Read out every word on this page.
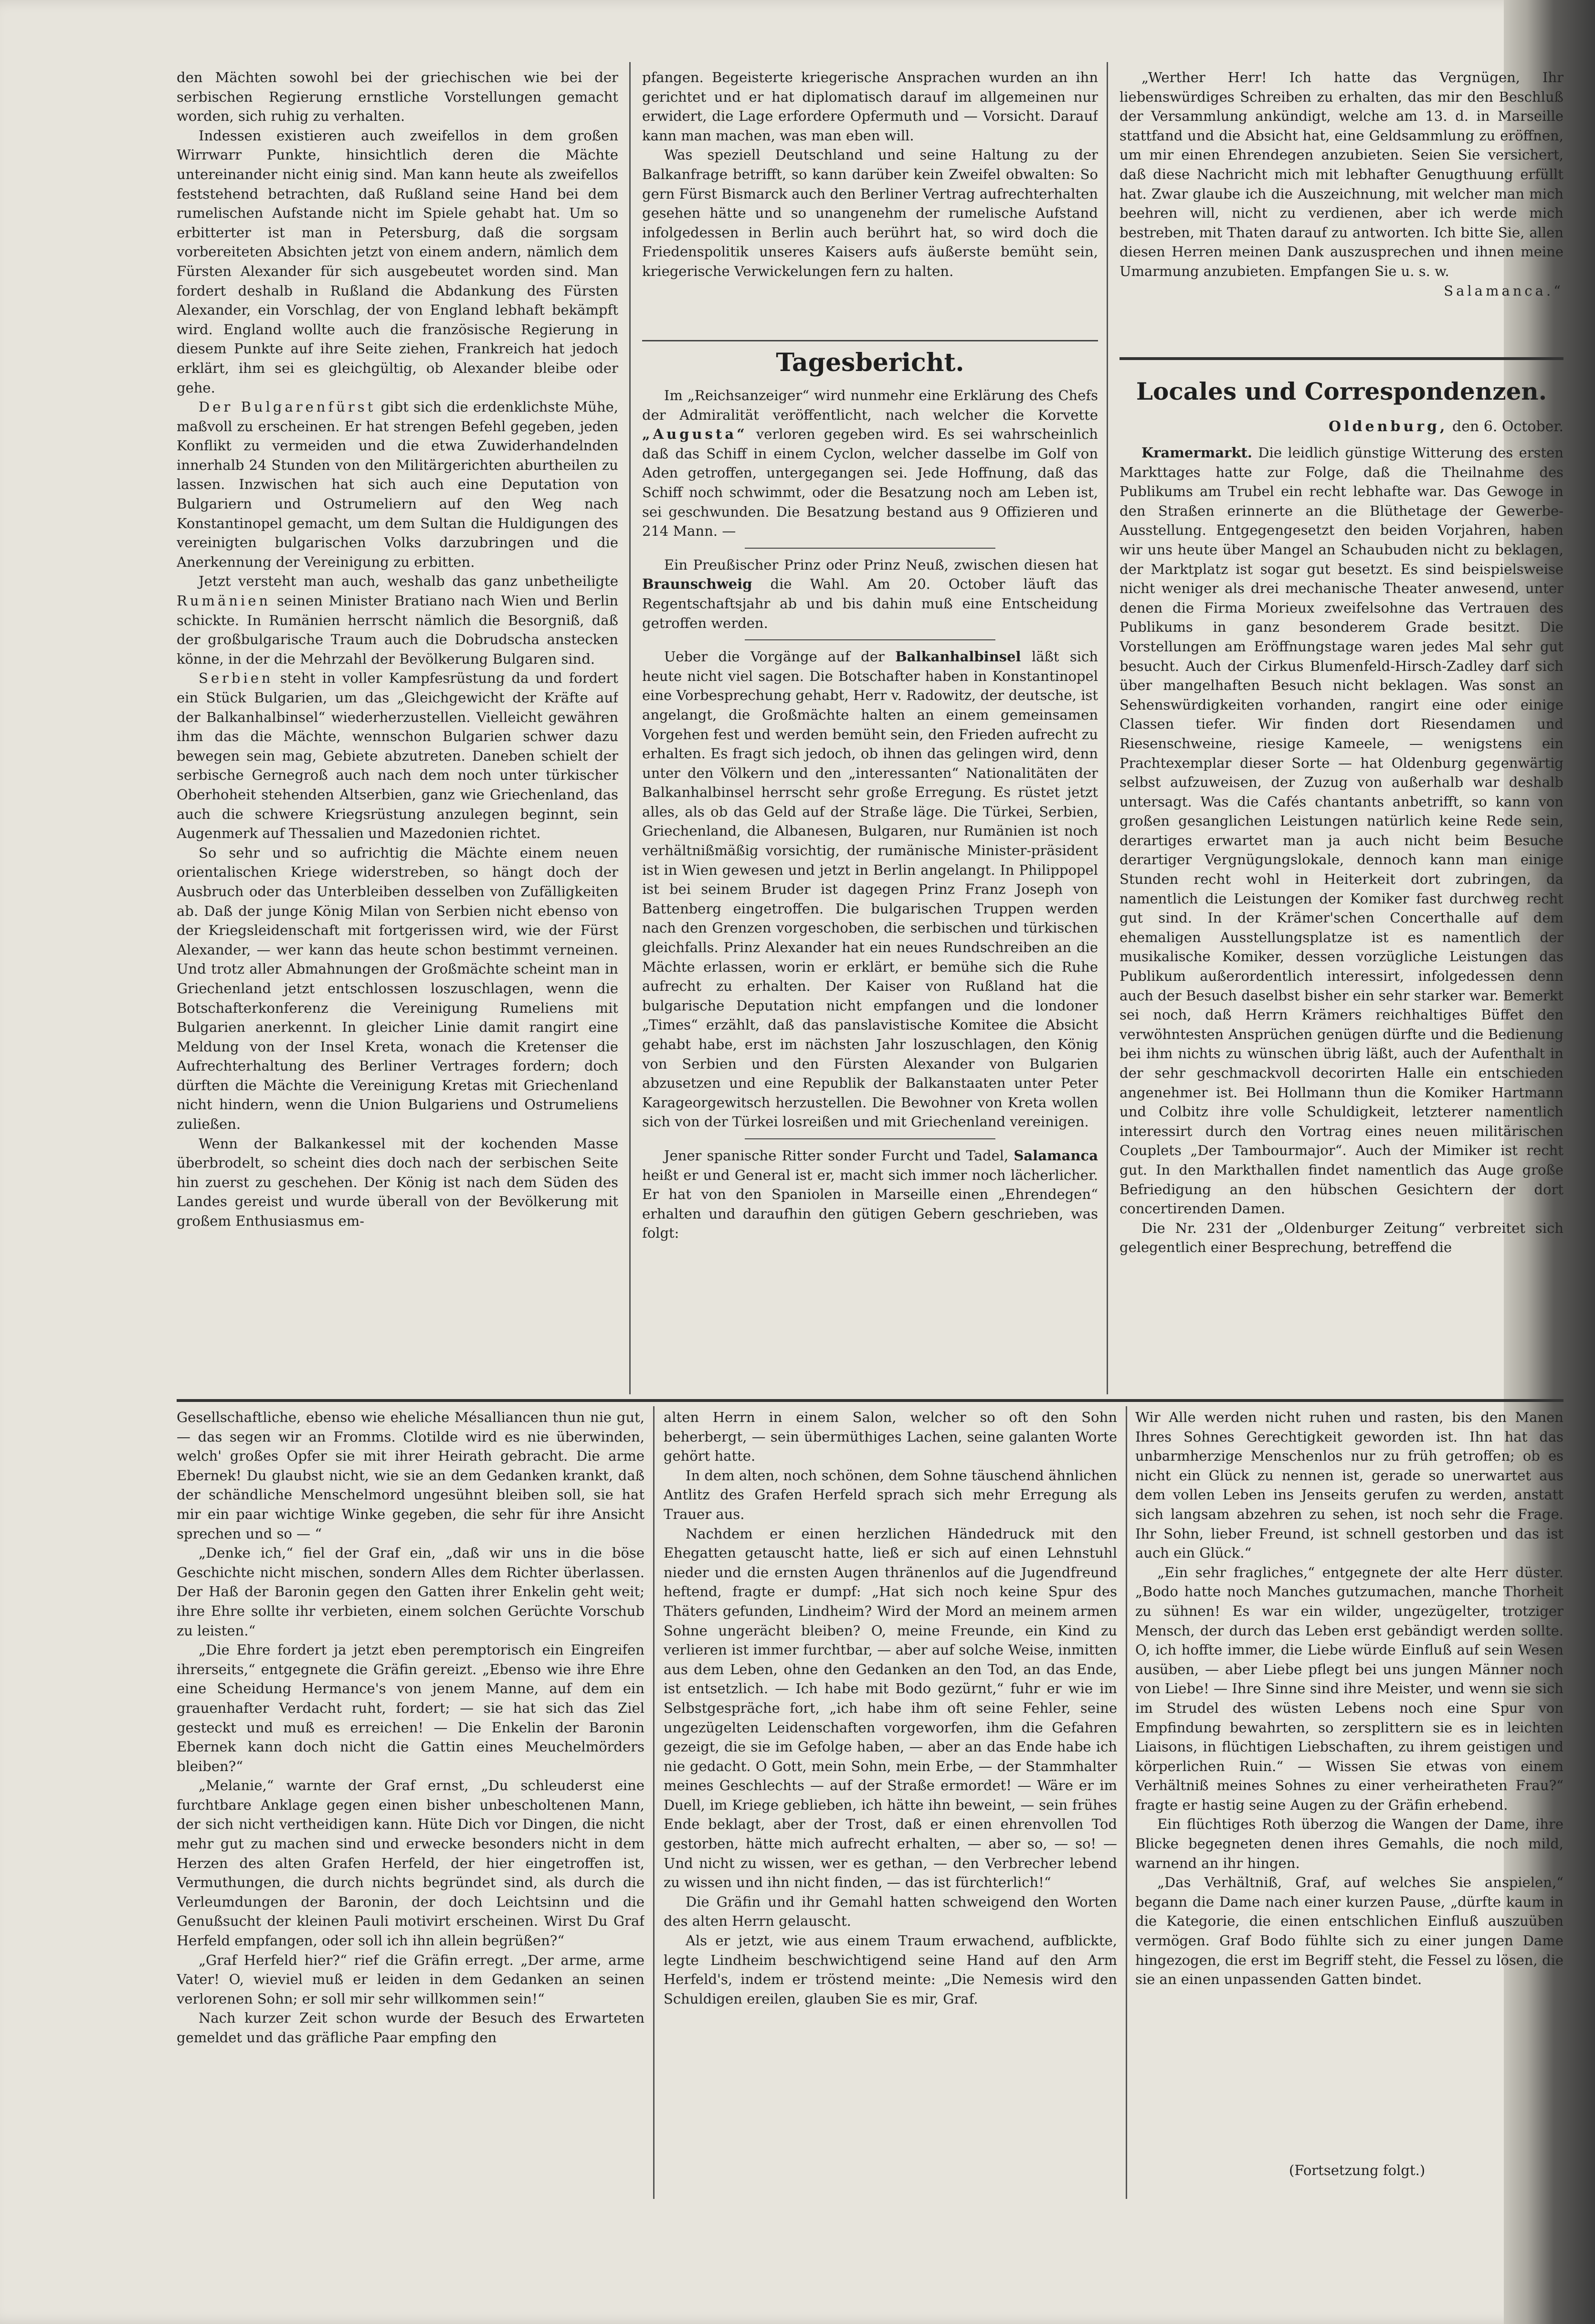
den Mächten sowohl bei der griechischen wie bei der serbischen Regierung ernstliche Vorstellungen gemacht worden, sich ruhig zu verhalten.

Indessen existieren auch zweifellos in dem großen Wirrwarr Punkte, hinsichtlich deren die Mächte untereinander nicht einig sind. Man kann heute als zweifellos feststehend betrachten, daß Rußland seine Hand bei dem rumelischen Aufstande nicht im Spiele gehabt hat. Um so erbitterter ist man in Petersburg, daß die sorgsam vorbereiteten Absichten jetzt von einem andern, nämlich dem Fürsten Alexander für sich ausgebeutet worden sind. Man fordert deshalb in Rußland die Abdankung des Fürsten Alexander, ein Vorschlag, der von England lebhaft bekämpft wird. England wollte auch die französische Regierung in diesem Punkte auf ihre Seite ziehen, Frankreich hat jedoch erklärt, ihm sei es gleichgültig, ob Alexander bleibe oder gehe.

Der Bulgarenfürst gibt sich die erdenklichste Mühe, maßvoll zu erscheinen. Er hat strengen Befehl gegeben, jeden Konflikt zu vermeiden und die etwa Zuwiderhandelnden innerhalb 24 Stunden von den Militärgerichten aburtheilen zu lassen. Inzwischen hat sich auch eine Deputation von Bulgariern und Ostrumeliern auf den Weg nach Konstantinopel gemacht, um dem Sultan die Huldigungen des vereinigten bulgarischen Volks darzubringen und die Anerkennung der Vereinigung zu erbitten.

Jetzt versteht man auch, weshalb das ganz unbetheiligte Rumänien seinen Minister Bratiano nach Wien und Berlin schickte. In Rumänien herrscht nämlich die Besorgniß, daß der großbulgarische Traum auch die Dobrudscha anstecken könne, in der die Mehrzahl der Bevölkerung Bulgaren sind.

Serbien steht in voller Kampfesrüstung da und fordert ein Stück Bulgarien, um das „Gleichgewicht der Kräfte auf der Balkanhalbinsel“ wiederherzustellen. Vielleicht gewähren ihm das die Mächte, wennschon Bulgarien schwer dazu bewegen sein mag, Gebiete abzutreten. Daneben schielt der serbische Gernegroß auch nach dem noch unter türkischer Oberhoheit stehenden Altserbien, ganz wie Griechenland, das auch die schwere Kriegsrüstung anzulegen beginnt, sein Augenmerk auf Thessalien und Mazedonien richtet.

So sehr und so aufrichtig die Mächte einem neuen orientalischen Kriege widerstreben, so hängt doch der Ausbruch oder das Unterbleiben desselben von Zufälligkeiten ab. Daß der junge König Milan von Serbien nicht ebenso von der Kriegsleidenschaft mit fortgerissen wird, wie der Fürst Alexander, — wer kann das heute schon bestimmt verneinen. Und trotz aller Abmahnungen der Großmächte scheint man in Griechenland jetzt entschlossen loszuschlagen, wenn die Botschafterkonferenz die Vereinigung Rumeliens mit Bulgarien anerkennt. In gleicher Linie damit rangirt eine Meldung von der Insel Kreta, wonach die Kretenser die Aufrechterhaltung des Berliner Vertrages fordern; doch dürften die Mächte die Vereinigung Kretas mit Griechenland nicht hindern, wenn die Union Bulgariens und Ostrumeliens zuließen.

Wenn der Balkankessel mit der kochenden Masse überbrodelt, so scheint dies doch nach der serbischen Seite hin zuerst zu geschehen. Der König ist nach dem Süden des Landes gereist und wurde überall von der Bevölkerung mit großem Enthusiasmus em-

pfangen. Begeisterte kriegerische Ansprachen wurden an ihn gerichtet und er hat diplomatisch darauf im allgemeinen nur erwidert, die Lage erfordere Opfermuth und — Vorsicht. Darauf kann man machen, was man eben will.

Was speziell Deutschland und seine Haltung zu der Balkanfrage betrifft, so kann darüber kein Zweifel obwalten: So gern Fürst Bismarck auch den Berliner Vertrag aufrechterhalten gesehen hätte und so unangenehm der rumelische Aufstand infolgedessen in Berlin auch berührt hat, so wird doch die Friedenspolitik unseres Kaisers aufs äußerste bemüht sein, kriegerische Verwickelungen fern zu halten.

Tagesbericht.

Im „Reichsanzeiger“ wird nunmehr eine Erklärung des Chefs der Admiralität veröffentlicht, nach welcher die Korvette „Augusta“ verloren gegeben wird. Es sei wahrscheinlich daß das Schiff in einem Cyclon, welcher dasselbe im Golf von Aden getroffen, untergegangen sei. Jede Hoffnung, daß das Schiff noch schwimmt, oder die Besatzung noch am Leben ist, sei geschwunden. Die Besatzung bestand aus 9 Offizieren und 214 Mann. —

Ein Preußischer Prinz oder Prinz Neuß, zwischen diesen hat Braunschweig die Wahl. Am 20. October läuft das Regentschaftsjahr ab und bis dahin muß eine Entscheidung getroffen werden.

Ueber die Vorgänge auf der Balkanhalbinsel läßt sich heute nicht viel sagen. Die Botschafter haben in Konstantinopel eine Vorbesprechung gehabt, Herr v. Radowitz, der deutsche, ist angelangt, die Großmächte halten an einem gemeinsamen Vorgehen fest und werden bemüht sein, den Frieden aufrecht zu erhalten. Es fragt sich jedoch, ob ihnen das gelingen wird, denn unter den Völkern und den „interessanten“ Nationalitäten der Balkanhalbinsel herrscht sehr große Erregung. Es rüstet jetzt alles, als ob das Geld auf der Straße läge. Die Türkei, Serbien, Griechenland, die Albanesen, Bulgaren, nur Rumänien ist noch verhältnißmäßig vorsichtig, der rumänische Minister-präsident ist in Wien gewesen und jetzt in Berlin angelangt. In Philippopel ist bei seinem Bruder ist dagegen Prinz Franz Joseph von Battenberg eingetroffen. Die bulgarischen Truppen werden nach den Grenzen vorgeschoben, die serbischen und türkischen gleichfalls. Prinz Alexander hat ein neues Rundschreiben an die Mächte erlassen, worin er erklärt, er bemühe sich die Ruhe aufrecht zu erhalten. Der Kaiser von Rußland hat die bulgarische Deputation nicht empfangen und die londoner „Times“ erzählt, daß das panslavistische Komitee die Absicht gehabt habe, erst im nächsten Jahr loszuschlagen, den König von Serbien und den Fürsten Alexander von Bulgarien abzusetzen und eine Republik der Balkanstaaten unter Peter Karageorgewitsch herzustellen. Die Bewohner von Kreta wollen sich von der Türkei losreißen und mit Griechenland vereinigen.

Jener spanische Ritter sonder Furcht und Tadel, Salamanca heißt er und General ist er, macht sich immer noch lächerlicher. Er hat von den Spaniolen in Marseille einen „Ehrendegen“ erhalten und daraufhin den gütigen Gebern geschrieben, was folgt:

„Werther Herr! Ich hatte das Vergnügen, Ihr liebenswürdiges Schreiben zu erhalten, das mir den Beschluß der Versammlung ankündigt, welche am 13. d. in Marseille stattfand und die Absicht hat, eine Geldsammlung zu eröffnen, um mir einen Ehrendegen anzubieten. Seien Sie versichert, daß diese Nachricht mich mit lebhafter Genugthuung erfüllt hat. Zwar glaube ich die Auszeichnung, mit welcher man mich beehren will, nicht zu verdienen, aber ich werde mich bestreben, mit Thaten darauf zu antworten. Ich bitte Sie, allen diesen Herren meinen Dank auszusprechen und ihnen meine Umarmung anzubieten. Empfangen Sie u. s. w.

Salamanca.“

Locales und Correspondenzen.
Oldenburg, den 6. October.

Kramermarkt. Die leidlich günstige Witterung des ersten Markttages hatte zur Folge, daß die Theilnahme des Publikums am Trubel ein recht lebhafte war. Das Gewoge in den Straßen erinnerte an die Blüthetage der Gewerbe-Ausstellung. Entgegengesetzt den beiden Vorjahren, haben wir uns heute über Mangel an Schaubuden nicht zu beklagen, der Marktplatz ist sogar gut besetzt. Es sind beispielsweise nicht weniger als drei mechanische Theater anwesend, unter denen die Firma Morieux zweifelsohne das Vertrauen des Publikums in ganz besonderem Grade besitzt. Die Vorstellungen am Eröffnungstage waren jedes Mal sehr gut besucht. Auch der Cirkus Blumenfeld-Hirsch-Zadley darf sich über mangelhaften Besuch nicht beklagen. Was sonst an Sehenswürdigkeiten vorhanden, rangirt eine oder einige Classen tiefer. Wir finden dort Riesendamen und Riesenschweine, riesige Kameele, — wenigstens ein Prachtexemplar dieser Sorte — hat Oldenburg gegenwärtig selbst aufzuweisen, der Zuzug von außerhalb war deshalb untersagt. Was die Cafés chantants anbetrifft, so kann von großen gesanglichen Leistungen natürlich keine Rede sein, derartiges erwartet man ja auch nicht beim Besuche derartiger Vergnügungslokale, dennoch kann man einige Stunden recht wohl in Heiterkeit dort zubringen, da namentlich die Leistungen der Komiker fast durchweg recht gut sind. In der Krämer'schen Concerthalle auf dem ehemaligen Ausstellungsplatze ist es namentlich der musikalische Komiker, dessen vorzügliche Leistungen das Publikum außerordentlich interessirt, infolgedessen denn auch der Besuch daselbst bisher ein sehr starker war. Bemerkt sei noch, daß Herrn Krämers reichhaltiges Büffet den verwöhntesten Ansprüchen genügen dürfte und die Bedienung bei ihm nichts zu wünschen übrig läßt, auch der Aufenthalt in der sehr geschmackvoll decorirten Halle ein entschieden angenehmer ist. Bei Hollmann thun die Komiker Hartmann und Colbitz ihre volle Schuldigkeit, letzterer namentlich interessirt durch den Vortrag eines neuen militärischen Couplets „Der Tambourmajor“. Auch der Mimiker ist recht gut. In den Markthallen findet namentlich das Auge große Befriedigung an den hübschen Gesichtern der dort concertirenden Damen.

Die Nr. 231 der „Oldenburger Zeitung“ verbreitet sich gelegentlich einer Besprechung, betreffend die

Gesellschaftliche, ebenso wie eheliche Mésalliancen thun nie gut, — das segen wir an Fromms. Clotilde wird es nie überwinden, welch' großes Opfer sie mit ihrer Heirath gebracht. Die arme Ebernek! Du glaubst nicht, wie sie an dem Gedanken krankt, daß der schändliche Menschelmord ungesühnt bleiben soll, sie hat mir ein paar wichtige Winke gegeben, die sehr für ihre Ansicht sprechen und so — “

„Denke ich,“ fiel der Graf ein, „daß wir uns in die böse Geschichte nicht mischen, sondern Alles dem Richter überlassen. Der Haß der Baronin gegen den Gatten ihrer Enkelin geht weit; ihre Ehre sollte ihr verbieten, einem solchen Gerüchte Vorschub zu leisten.“

„Die Ehre fordert ja jetzt eben peremptorisch ein Eingreifen ihrerseits,“ entgegnete die Gräfin gereizt. „Ebenso wie ihre Ehre eine Scheidung Hermance's von jenem Manne, auf dem ein grauenhafter Verdacht ruht, fordert; — sie hat sich das Ziel gesteckt und muß es erreichen! — Die Enkelin der Baronin Ebernek kann doch nicht die Gattin eines Meuchelmörders bleiben?“

„Melanie,“ warnte der Graf ernst, „Du schleuderst eine furchtbare Anklage gegen einen bisher unbescholtenen Mann, der sich nicht vertheidigen kann. Hüte Dich vor Dingen, die nicht mehr gut zu machen sind und erwecke besonders nicht in dem Herzen des alten Grafen Herfeld, der hier eingetroffen ist, Vermuthungen, die durch nichts begründet sind, als durch die Verleumdungen der Baronin, der doch Leichtsinn und die Genußsucht der kleinen Pauli motivirt erscheinen. Wirst Du Graf Herfeld empfangen, oder soll ich ihn allein begrüßen?“

„Graf Herfeld hier?“ rief die Gräfin erregt. „Der arme, arme Vater! O, wieviel muß er leiden in dem Gedanken an seinen verlorenen Sohn; er soll mir sehr willkommen sein!“

Nach kurzer Zeit schon wurde der Besuch des Erwarteten gemeldet und das gräfliche Paar empfing den

alten Herrn in einem Salon, welcher so oft den Sohn beherbergt, — sein übermüthiges Lachen, seine galanten Worte gehört hatte.

In dem alten, noch schönen, dem Sohne täuschend ähnlichen Antlitz des Grafen Herfeld sprach sich mehr Erregung als Trauer aus.

Nachdem er einen herzlichen Händedruck mit den Ehegatten getauscht hatte, ließ er sich auf einen Lehnstuhl nieder und die ernsten Augen thränenlos auf die Jugendfreund heftend, fragte er dumpf: „Hat sich noch keine Spur des Thäters gefunden, Lindheim? Wird der Mord an meinem armen Sohne ungerächt bleiben? O, meine Freunde, ein Kind zu verlieren ist immer furchtbar, — aber auf solche Weise, inmitten aus dem Leben, ohne den Gedanken an den Tod, an das Ende, ist entsetzlich. — Ich habe mit Bodo gezürnt,“ fuhr er wie im Selbstgespräche fort, „ich habe ihm oft seine Fehler, seine ungezügelten Leidenschaften vorgeworfen, ihm die Gefahren gezeigt, die sie im Gefolge haben, — aber an das Ende habe ich nie gedacht. O Gott, mein Sohn, mein Erbe, — der Stammhalter meines Geschlechts — auf der Straße ermordet! — Wäre er im Duell, im Kriege geblieben, ich hätte ihn beweint, — sein frühes Ende beklagt, aber der Trost, daß er einen ehrenvollen Tod gestorben, hätte mich aufrecht erhalten, — aber so, — so! — Und nicht zu wissen, wer es gethan, — den Verbrecher lebend zu wissen und ihn nicht finden, — das ist fürchterlich!“

Die Gräfin und ihr Gemahl hatten schweigend den Worten des alten Herrn gelauscht.

Als er jetzt, wie aus einem Traum erwachend, aufblickte, legte Lindheim beschwichtigend seine Hand auf den Arm Herfeld's, indem er tröstend meinte: „Die Nemesis wird den Schuldigen ereilen, glauben Sie es mir, Graf.

Wir Alle werden nicht ruhen und rasten, bis den Manen Ihres Sohnes Gerechtigkeit geworden ist. Ihn hat das unbarmherzige Menschenlos nur zu früh getroffen; ob es nicht ein Glück zu nennen ist, gerade so unerwartet aus dem vollen Leben ins Jenseits gerufen zu werden, anstatt sich langsam abzehren zu sehen, ist noch sehr die Frage. Ihr Sohn, lieber Freund, ist schnell gestorben und das ist auch ein Glück.“

„Ein sehr fragliches,“ entgegnete der alte Herr düster. „Bodo hatte noch Manches gutzumachen, manche Thorheit zu sühnen! Es war ein wilder, ungezügelter, trotziger Mensch, der durch das Leben erst gebändigt werden sollte. O, ich hoffte immer, die Liebe würde Einfluß auf sein Wesen ausüben, — aber Liebe pflegt bei uns jungen Männer noch von Liebe! — Ihre Sinne sind ihre Meister, und wenn sie sich im Strudel des wüsten Lebens noch eine Spur von Empfindung bewahrten, so zersplittern sie es in leichten Liaisons, in flüchtigen Liebschaften, zu ihrem geistigen und körperlichen Ruin.“ — Wissen Sie etwas von einem Verhältniß meines Sohnes zu einer verheiratheten Frau?“ fragte er hastig seine Augen zu der Gräfin erhebend.

Ein flüchtiges Roth überzog die Wangen der Dame, ihre Blicke begegneten denen ihres Gemahls, die noch mild, warnend an ihr hingen.

„Das Verhältniß, Graf, auf welches Sie anspielen,“ begann die Dame nach einer kurzen Pause, „dürfte kaum in die Kategorie, die einen entschlichen Einfluß auszuüben vermögen. Graf Bodo fühlte sich zu einer jungen Dame hingezogen, die erst im Begriff steht, die Fessel zu lösen, die sie an einen unpassenden Gatten bindet.

(Fortsetzung folgt.)
